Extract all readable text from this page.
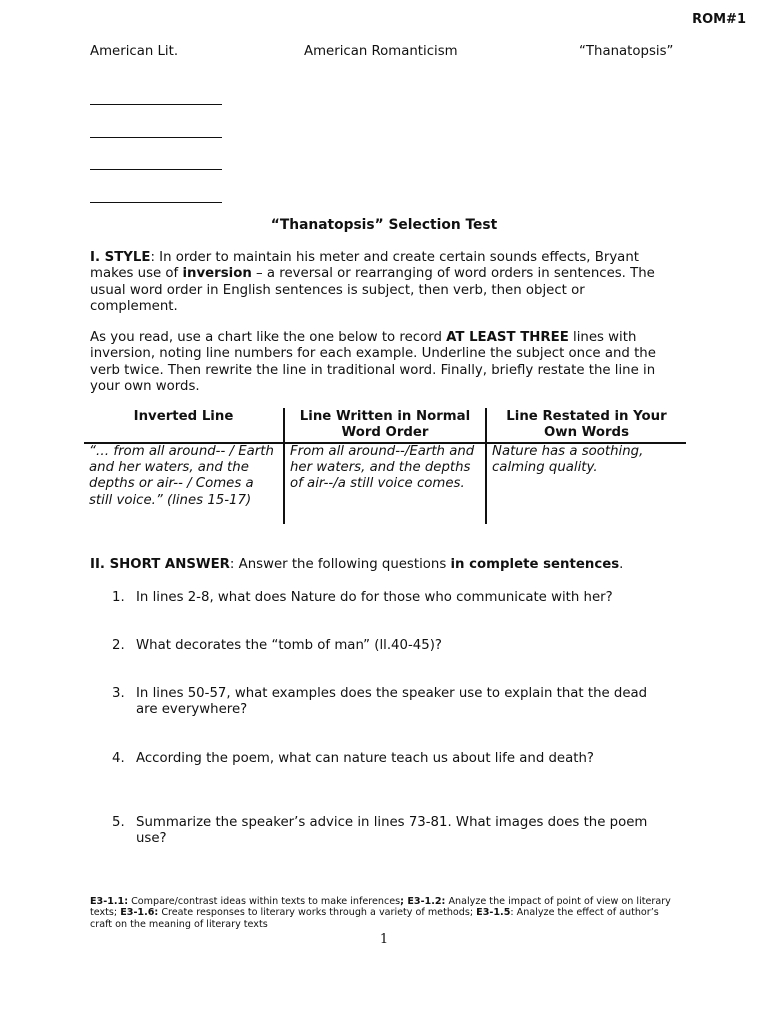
ROM#1
American Lit.	American Romanticism	“Thanatopsis”
“Thanatopsis” Selection Test
I. STYLE: In order to maintain his meter and create certain sounds effects, Bryant makes use of inversion – a reversal or rearranging of word orders in sentences. The usual word order in English sentences is subject, then verb, then object or complement.
As you read, use a chart like the one below to record AT LEAST THREE lines with inversion, noting line numbers for each example. Underline the subject once and the verb twice. Then rewrite the line in traditional word. Finally, briefly restate the line in your own words.
Inverted Line	Line Written in Normal Word Order	Line Restated in Your Own Words
“… from all around-- / Earth and her waters, and the depths or air-- / Comes a still voice.” (lines 15-17)	From all around--/Earth and her waters, and the depths of air--/a still voice comes.	Nature has a soothing, calming quality.
II. SHORT ANSWER: Answer the following questions in complete sentences.
1. In lines 2-8, what does Nature do for those who communicate with her?
2. What decorates the “tomb of man” (ll.40-45)?
3. In lines 50-57, what examples does the speaker use to explain that the dead are everywhere?
4. According the poem, what can nature teach us about life and death?
5. Summarize the speaker’s advice in lines 73-81. What images does the poem use?
E3-1.1: Compare/contrast ideas within texts to make inferences; E3-1.2: Analyze the impact of point of view on literary texts; E3-1.6: Create responses to literary works through a variety of methods; E3-1.5: Analyze the effect of author’s craft on the meaning of literary texts
1
